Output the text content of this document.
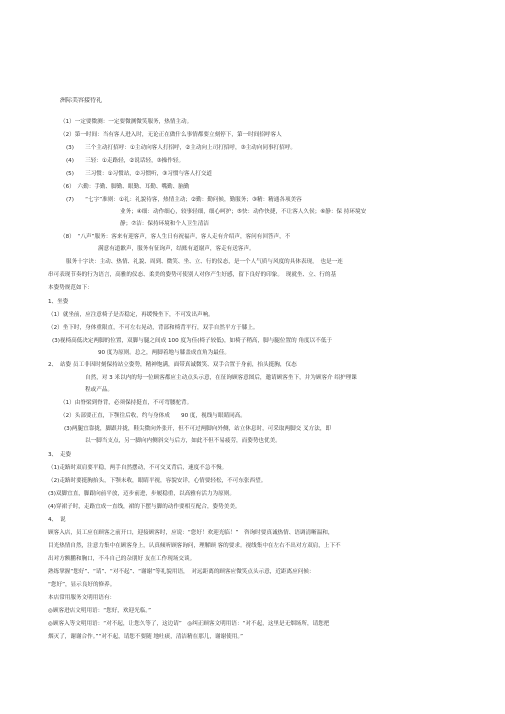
洲际美容接待礼
（1）一定要微测：一定要微测微笑服务，热情主动。
（2）第一时间：当有客人进入时，无论正在做什么事情都要立刻停下，第一时间招呼客人
(3)　　三个主动打招呼：①主动向客人打招呼，②主动向上司打招呼，③主动向同事打招呼。
(4)　　三轻：①走路轻，②说话轻，③操作轻。
(5)　　三习惯：①习惯站，②习惯听，③习惯与客人打交道
（6）　六勤：手勤、脚勤、眼勤、耳勤、嘴勤、脑勤
(7)　　“七字”准则：①礼：礼貌待客，热情主动；②勤：勤问候，勤服务；③精：精通各项美容
业务；④细：动作细心，较事轻细，细心呵护；⑤快：动作快捷，不让客人久侯；⑥静：保 持环境安
静；⑦洁：保持环境和个人卫生清洁
（8）　“八声”服务：客来有迎客声，客人生日有祝福声，客人走有介绍声，客问有回答声，不
满意有道歉声，服务有征询声，结账有道谢声，客走有送客声。
服务十字诀：主动、热情、礼貌、周到、微笑、坐、立、行的仪态，是一个人气质与风度的具体表现，　也是一连
串可表现节奏的行为语言，高雅的仪态、柔美的姿势可使别人对你产生好感，留下良好的印象。　现就坐、立、行的基
本姿势规范如下：
1、坐姿
（1）就坐前，应注意椅子是否稳定，再缓慢坐下，不可发出声响。
（2）坐下时，身体重限直，不可左右晃动，背部和椅背平行，双手自然平方于膝上。
(3)视椅高低决定两脚的位置，双脚与腿之间成 100 度为佳(椅子较低)，如椅子稍高，脚与腿位置的 角度以不低于
90 度为原则。总之，两脚着地与膝盖成直角为最佳。
2、　站姿 员工非因时刻保持站立姿势，精神饱满，面带真诚微笑、双手合置于身前，抬头挺胸，仪态
自然，对 3 米以内的每一位顾客都应主动点头示意，在征询顾客意图后，邀请顾客坐下，并为顾客介 绍护理课
程或产品。
（1）由脊梁到脊背，必须保持挺直，不可弯腰驼背。
（2）头部要正直，下颚往后收，约与身体成　　90 度，视线与眼睛同高。
(3)两腿宜靠拢，脚跟并拢，鞋尖微向外张开，但不可过两脚向外侧，站立休息时，可采取两脚交 叉方法，即
以一脚当支点，另一脚向内侧斜交与后方，如此不但不易疲劳，而姿势也优美。
3、　走姿
（1)走路时双肩要平稳，两手自然摆动，不可交叉背后，速度不急不慢。
（2)走路时要挺胸抬头，下颚未收，眼睛平视，容貌安详，心情要轻松，不可东张西望。
(3)双脚宜直，脚跟向前平放，迈步前进，步履稳重，以高雅有活力为原则。
(4)穿裙子时，走路宜成一直线，裙的下摆与脚的动作要相互配合，姿势美美。
4、　说
顾客入店，员工应在顾客之前开口，迎接顾客时，应说：“您好！欢迎光临！”　咨询时要真诚热情、语调清晰温和，
目光热情自然，注意力集中在顾客身上，认真倾听顾客询问，理解顾 客的要求。视线集中在左右不出对方双肩，上下不
出对方额鹏和胸口，不斗自己的杂朋好 友在工作现场交谈。
熟练掌握“您好”、“请”、“对不起”、“谢谢”等礼貌用语，　对远距离的顾客应微笑点头示意，近距离应问候：
“您好”，显示良好的修养。
本店常用服务文明用语有：
◎顾客进店文明用语：“您好，欢迎光临。”
◎顾客入等文明用语：“对不起，让您久等了，这边请”　◎纠正顾客文明用语：“对不起，这里是无烟场所，请您把
烟灭了，谢谢合作。”“对不起，请您不要随 地吐痰，清洁精在那儿，谢谢使用。”
